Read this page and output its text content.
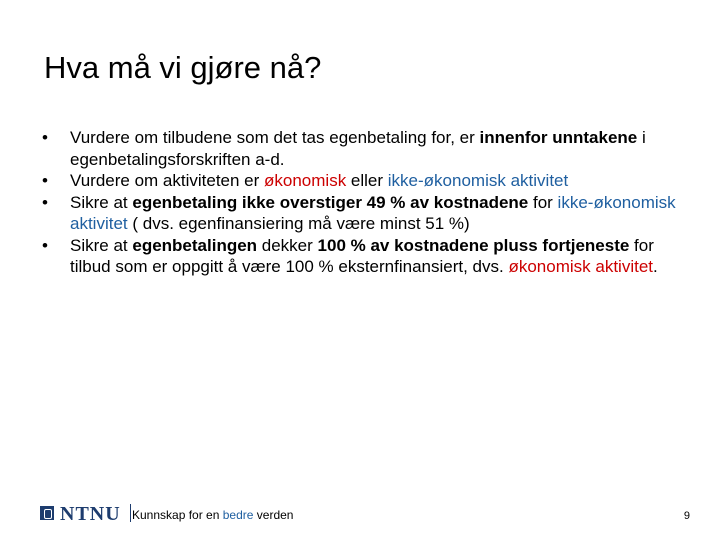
Hva må vi gjøre nå?
• Vurdere om tilbudene som det tas egenbetaling for, er innenfor unntakene i egenbetalingsforskriften a-d.
• Vurdere om aktiviteten er økonomisk eller ikke-økonomisk aktivitet
• Sikre at egenbetaling ikke overstiger 49 % av kostnadene for ikke-økonomisk aktivitet ( dvs. egenfinansiering må være minst 51 %)
• Sikre at egenbetalingen dekker 100 % av kostnadene pluss fortjeneste for tilbud som er oppgitt å være 100 % eksternfinansiert, dvs. økonomisk aktivitet.
NTNU Kunnskap for en bedre verden	9
